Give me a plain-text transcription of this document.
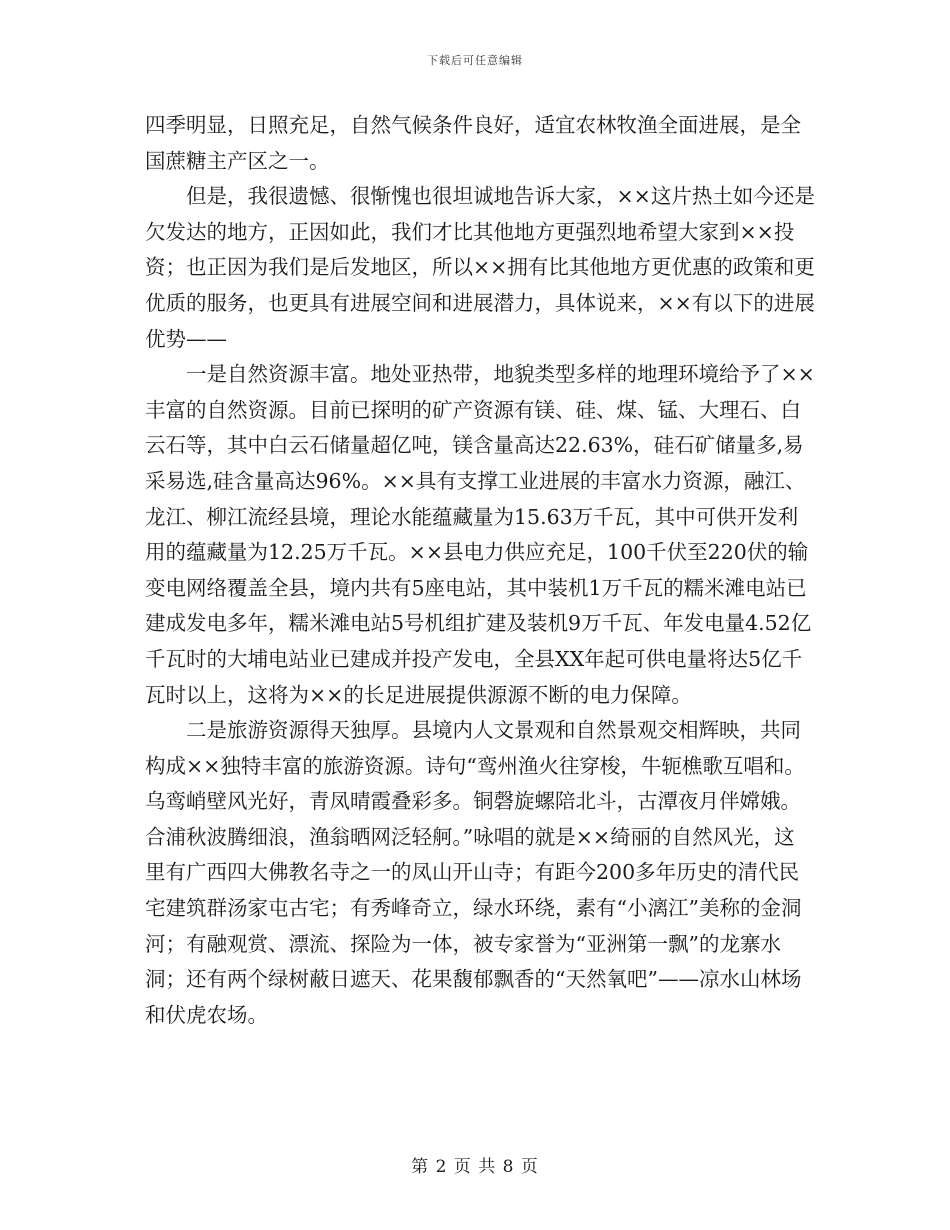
下载后可任意编辑

四季明显，日照充足，自然气候条件良好，适宜农林牧渔全面进展，是全国蔗糖主产区之一。

但是，我很遗憾、很惭愧也很坦诚地告诉大家，××这片热土如今还是欠发达的地方，正因如此，我们才比其他地方更强烈地希望大家到××投资；也正因为我们是后发地区，所以××拥有比其他地方更优惠的政策和更优质的服务，也更具有进展空间和进展潜力，具体说来，××有以下的进展优势——

一是自然资源丰富。地处亚热带，地貌类型多样的地理环境给予了××丰富的自然资源。目前已探明的矿产资源有镁、硅、煤、锰、大理石、白云石等，其中白云石储量超亿吨，镁含量高达22.63%，硅石矿储量多,易采易选,硅含量高达96%。××具有支撑工业进展的丰富水力资源，融江、龙江、柳江流经县境，理论水能蕴藏量为15.63万千瓦，其中可供开发利用的蕴藏量为12.25万千瓦。××县电力供应充足，100千伏至220伏的输变电网络覆盖全县，境内共有5座电站，其中装机1万千瓦的糯米滩电站已建成发电多年，糯米滩电站5号机组扩建及装机9万千瓦、年发电量4.52亿千瓦时的大埔电站业已建成并投产发电，全县XX年起可供电量将达5亿千瓦时以上，这将为××的长足进展提供源源不断的电力保障。

二是旅游资源得天独厚。县境内人文景观和自然景观交相辉映，共同构成××独特丰富的旅游资源。诗句“鸾州渔火往穿梭，牛轭樵歌互唱和。乌鸾峭壁风光好，青凤晴霞叠彩多。铜磬旋螺陪北斗，古潭夜月伴嫦娥。合浦秋波腾细浪，渔翁晒网泛轻舸。”咏唱的就是××绮丽的自然风光，这里有广西四大佛教名寺之一的凤山开山寺；有距今200多年历史的清代民宅建筑群汤家屯古宅；有秀峰奇立，绿水环绕，素有“小漓江”美称的金洞河；有融观赏、漂流、探险为一体，被专家誉为“亚洲第一飘”的龙寨水洞；还有两个绿树蔽日遮天、花果馥郁飘香的“天然氧吧”——凉水山林场和伏虎农场。

第 2 页 共 8 页
